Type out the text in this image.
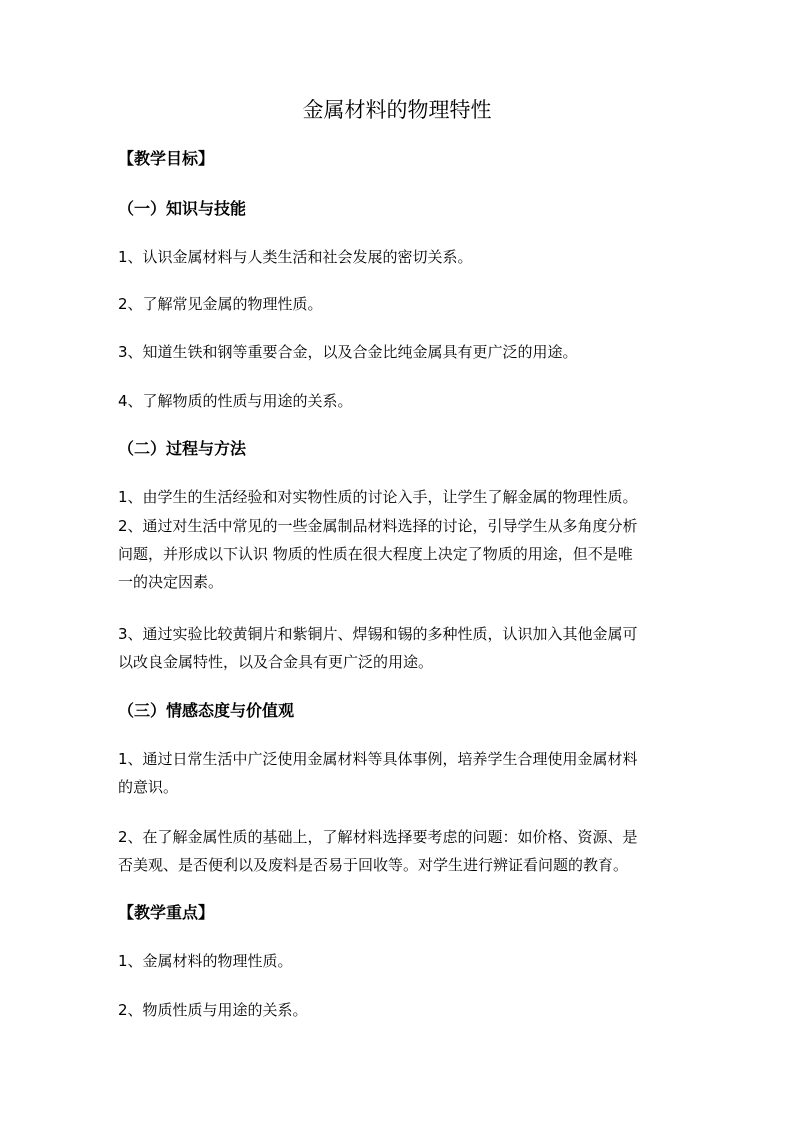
金属材料的物理特性
【教学目标】
（一）知识与技能

1、认识金属材料与人类生活和社会发展的密切关系。

2、了解常见金属的物理性质。

3、知道生铁和钢等重要合金，以及合金比纯金属具有更广泛的用途。

4、了解物质的性质与用途的关系。

（二）过程与方法

1、由学生的生活经验和对实物性质的讨论入手，让学生了解金属的物理性质。

2、通过对生活中常见的一些金属制品材料选择的讨论，引导学生从多角度分析
问题，并形成以下认识 物质的性质在很大程度上决定了物质的用途，但不是唯
一的决定因素。
3、通过实验比较黄铜片和紫铜片、焊锡和锡的多种性质，认识加入其他金属可
以改良金属特性，以及合金具有更广泛的用途。
（三）情感态度与价值观
1、通过日常生活中广泛使用金属材料等具体事例，培养学生合理使用金属材料
的意识。
2、在了解金属性质的基础上，了解材料选择要考虑的问题：如价格、资源、是
否美观、是否便利以及废料是否易于回收等。对学生进行辨证看问题的教育。
【教学重点】

1、金属材料的物理性质。

2、物质性质与用途的关系。
